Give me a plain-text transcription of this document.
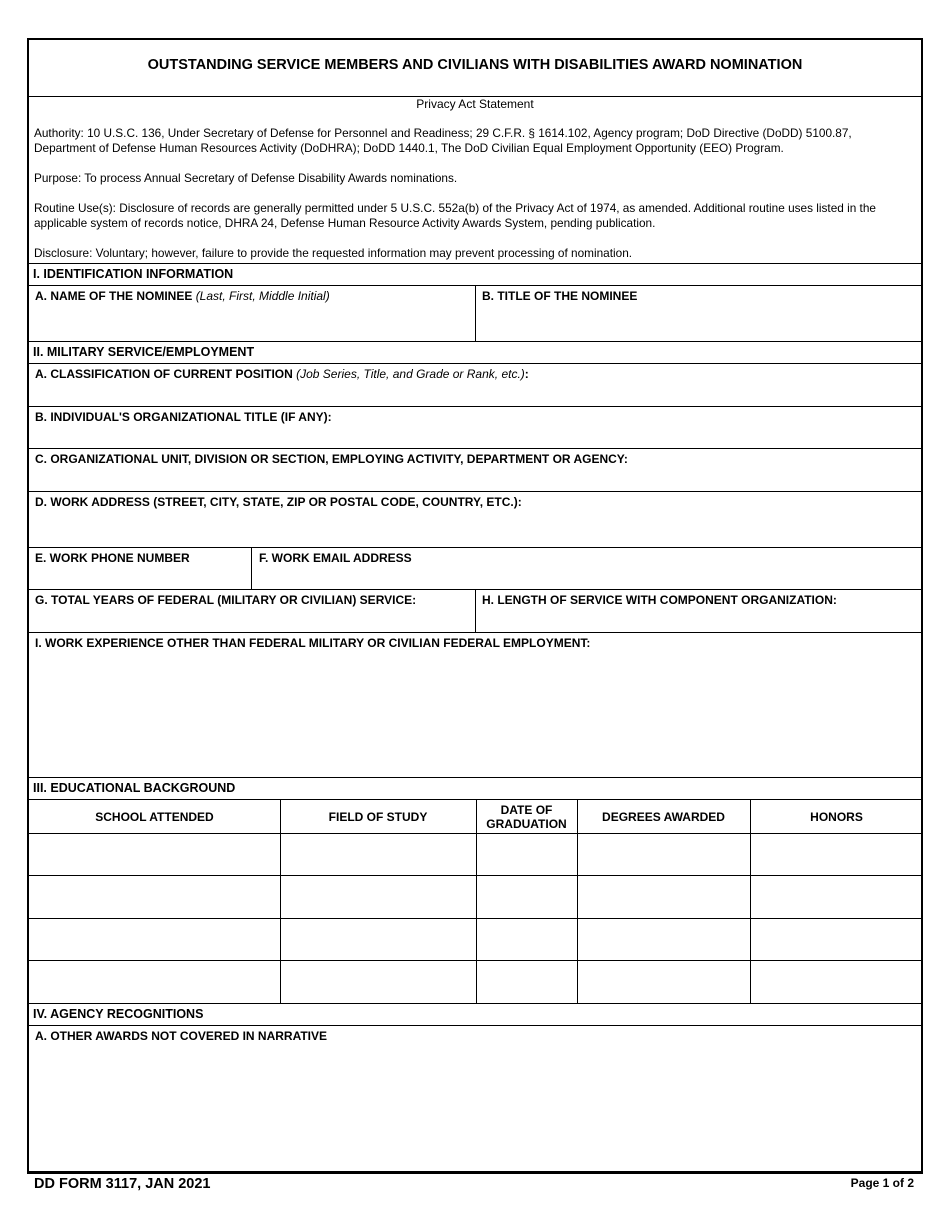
OUTSTANDING SERVICE MEMBERS AND CIVILIANS WITH DISABILITIES AWARD NOMINATION
Privacy Act Statement
Authority: 10 U.S.C. 136, Under Secretary of Defense for Personnel and Readiness; 29 C.F.R. § 1614.102, Agency program; DoD Directive (DoDD) 5100.87, Department of Defense Human Resources Activity (DoDHRA); DoDD 1440.1, The DoD Civilian Equal Employment Opportunity (EEO) Program.
Purpose: To process Annual Secretary of Defense Disability Awards nominations.
Routine Use(s): Disclosure of records are generally permitted under 5 U.S.C. 552a(b) of the Privacy Act of 1974, as amended. Additional routine uses listed in the applicable system of records notice, DHRA 24, Defense Human Resource Activity Awards System, pending publication.
Disclosure: Voluntary; however, failure to provide the requested information may prevent processing of nomination.
I. IDENTIFICATION INFORMATION
A. NAME OF THE NOMINEE (Last, First, Middle Initial)	B. TITLE OF THE NOMINEE
II. MILITARY SERVICE/EMPLOYMENT
A. CLASSIFICATION OF CURRENT POSITION (Job Series, Title, and Grade or Rank, etc.):
B. INDIVIDUAL'S ORGANIZATIONAL TITLE (IF ANY):
C. ORGANIZATIONAL UNIT, DIVISION OR SECTION, EMPLOYING ACTIVITY, DEPARTMENT OR AGENCY:
D. WORK ADDRESS (STREET, CITY, STATE, ZIP OR POSTAL CODE, COUNTRY, ETC.):
E. WORK PHONE NUMBER	F. WORK EMAIL ADDRESS
G. TOTAL YEARS OF FEDERAL (MILITARY OR CIVILIAN) SERVICE:	H. LENGTH OF SERVICE WITH COMPONENT ORGANIZATION:
I. WORK EXPERIENCE OTHER THAN FEDERAL MILITARY OR CIVILIAN FEDERAL EMPLOYMENT:
III. EDUCATIONAL BACKGROUND
SCHOOL ATTENDED	FIELD OF STUDY	DATE OF GRADUATION	DEGREES AWARDED	HONORS
IV. AGENCY RECOGNITIONS
A. OTHER AWARDS NOT COVERED IN NARRATIVE
DD FORM 3117, JAN 2021	Page 1 of 2
